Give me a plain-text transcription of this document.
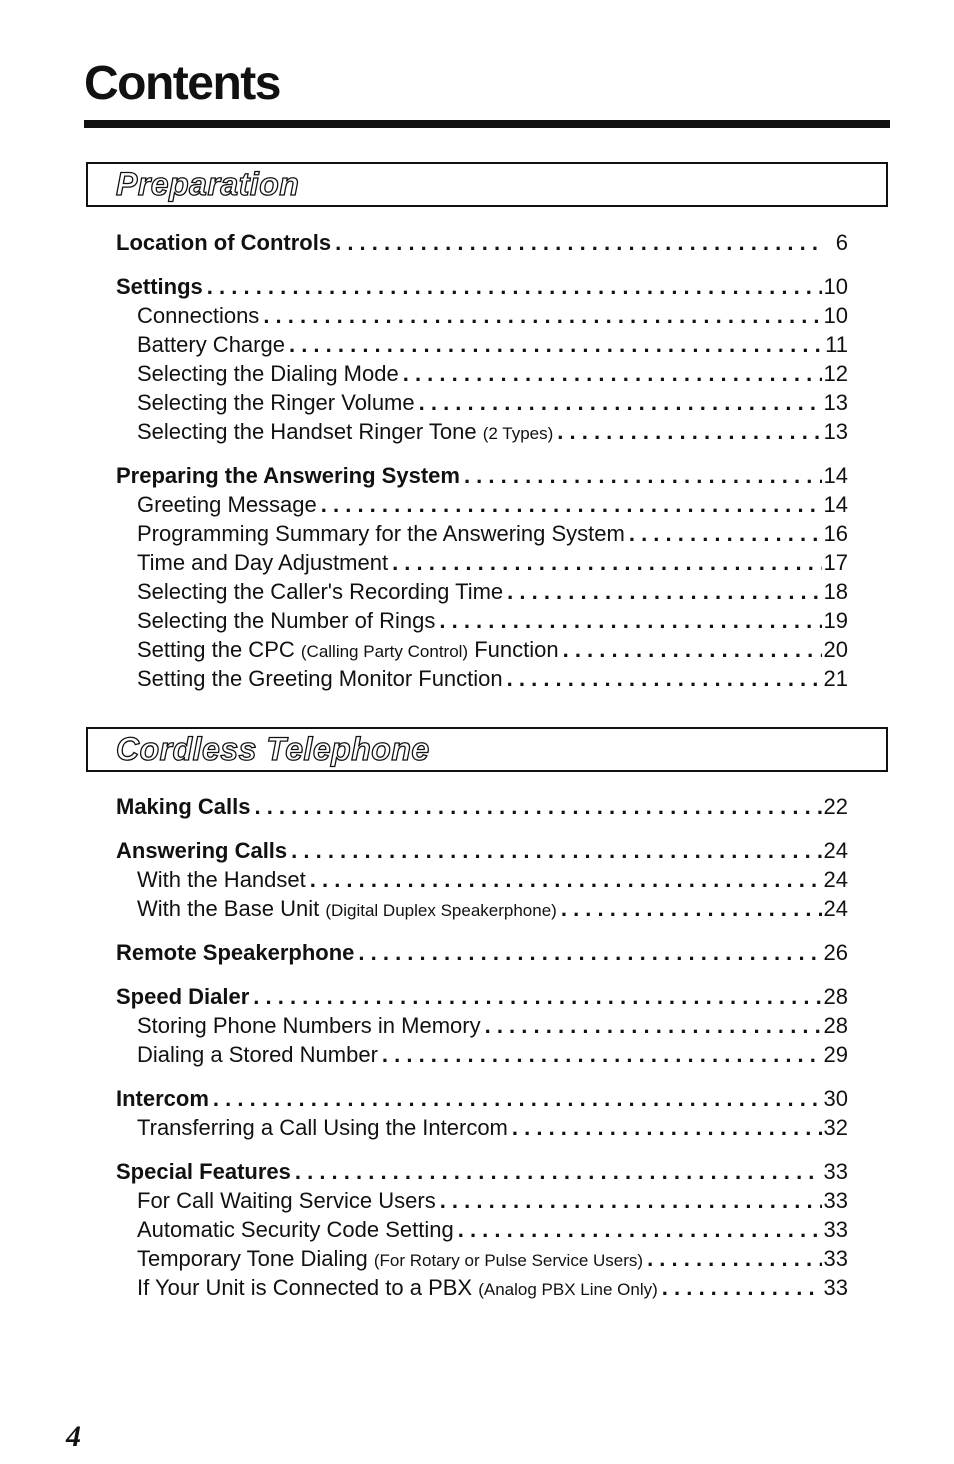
Contents
Preparation
Location of Controls . . .	6
Settings . . .	10
Connections . . .	10
Battery Charge . . .	11
Selecting the Dialing Mode . . .	12
Selecting the Ringer Volume . . .	13
Selecting the Handset Ringer Tone (2 Types) . . .	13
Preparing the Answering System . . .	14
Greeting Message . . .	14
Programming Summary for the Answering System . . .	16
Time and Day Adjustment . . .	17
Selecting the Caller's Recording Time . . .	18
Selecting the Number of Rings . . .	19
Setting the CPC (Calling Party Control) Function . . .	20
Setting the Greeting Monitor Function . . .	21
Cordless Telephone
Making Calls . . .	22
Answering Calls . . .	24
With the Handset . . .	24
With the Base Unit (Digital Duplex Speakerphone) . . .	24
Remote Speakerphone . . .	26
Speed Dialer . . .	28
Storing Phone Numbers in Memory . . .	28
Dialing a Stored Number . . .	29
Intercom . . .	30
Transferring a Call Using the Intercom . . .	32
Special Features . . .	33
For Call Waiting Service Users . . .	33
Automatic Security Code Setting . . .	33
Temporary Tone Dialing (For Rotary or Pulse Service Users) . . .	33
If Your Unit is Connected to a PBX (Analog PBX Line Only) . . .	33
4
